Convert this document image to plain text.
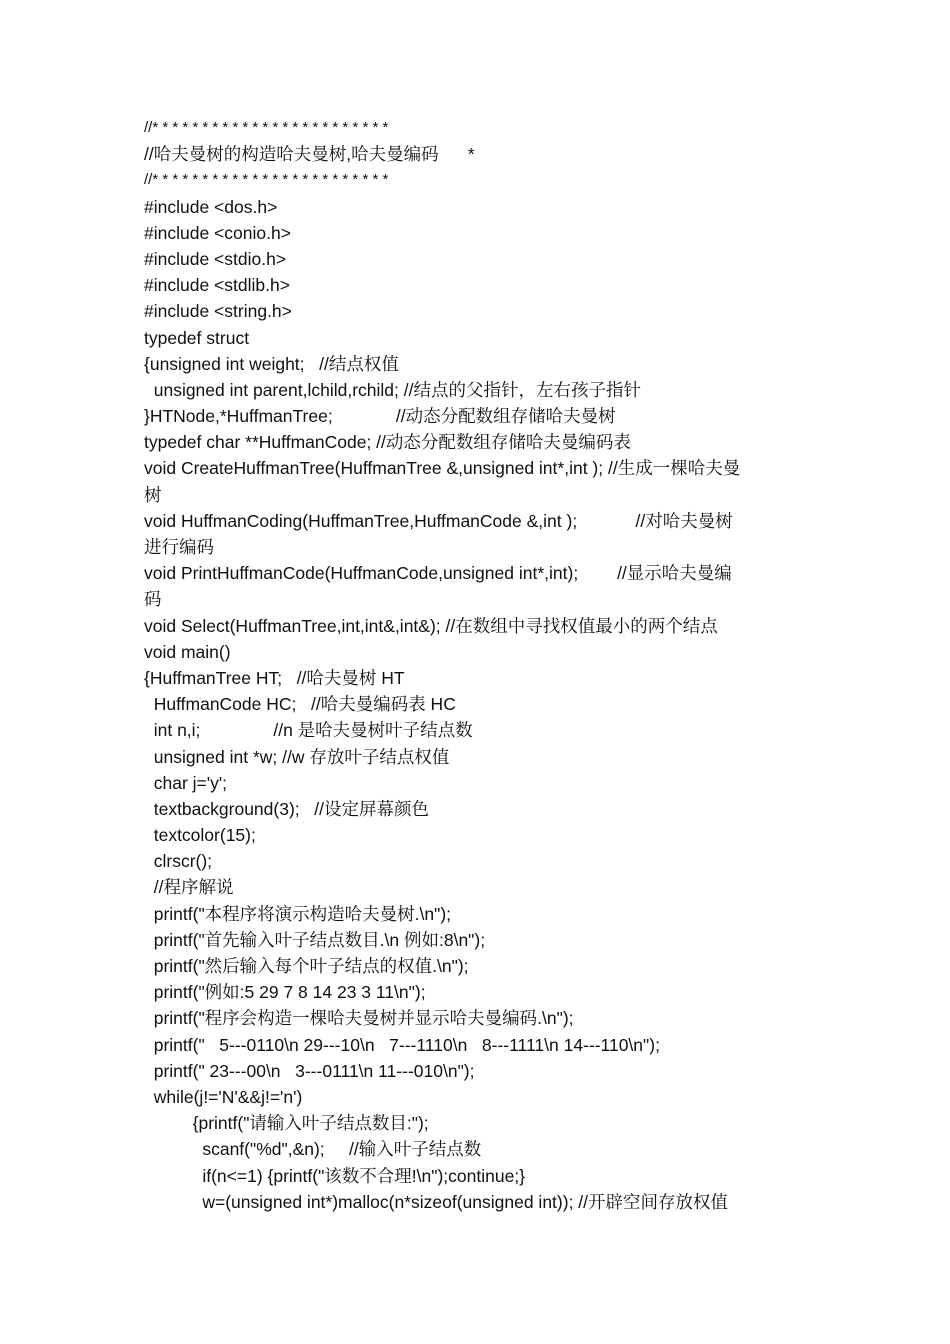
//* * * * * * * * * * * * * * * * * * * * * * * *
//哈夫曼树的构造哈夫曼树,哈夫曼编码      *
//* * * * * * * * * * * * * * * * * * * * * * * *
#include <dos.h>
#include <conio.h>
#include <stdio.h>
#include <stdlib.h>
#include <string.h>
typedef struct
{unsigned int weight;   //结点权值
unsigned int parent,lchild,rchild; //结点的父指针，左右孩子指针
}HTNode,*HuffmanTree;             //动态分配数组存储哈夫曼树
typedef char **HuffmanCode; //动态分配数组存储哈夫曼编码表
void CreateHuffmanTree(HuffmanTree &,unsigned int*,int ); //生成一棵哈夫曼
树
void HuffmanCoding(HuffmanTree,HuffmanCode &,int );            //对哈夫曼树
进行编码
void PrintHuffmanCode(HuffmanCode,unsigned int*,int);        //显示哈夫曼编
码
void Select(HuffmanTree,int,int&,int&); //在数组中寻找权值最小的两个结点
void main()
{HuffmanTree HT;   //哈夫曼树 HT
HuffmanCode HC;   //哈夫曼编码表 HC
int n,i;               //n 是哈夫曼树叶子结点数
unsigned int *w; //w 存放叶子结点权值
char j='y';
textbackground(3);   //设定屏幕颜色
textcolor(15);
clrscr();
//程序解说
printf("本程序将演示构造哈夫曼树.\n");
printf("首先输入叶子结点数目.\n 例如:8\n");
printf("然后输入每个叶子结点的权值.\n");
printf("例如:5 29 7 8 14 23 3 11\n");
printf("程序会构造一棵哈夫曼树并显示哈夫曼编码.\n");
printf("   5---0110\n 29---10\n   7---1110\n   8---1111\n 14---110\n");
printf(" 23---00\n   3---0111\n 11---010\n");
while(j!='N'&&j!='n')
{printf("请输入叶子结点数目:");
scanf("%d",&n);     //输入叶子结点数
if(n<=1) {printf("该数不合理!\n");continue;}
w=(unsigned int*)malloc(n*sizeof(unsigned int)); //开辟空间存放权值
